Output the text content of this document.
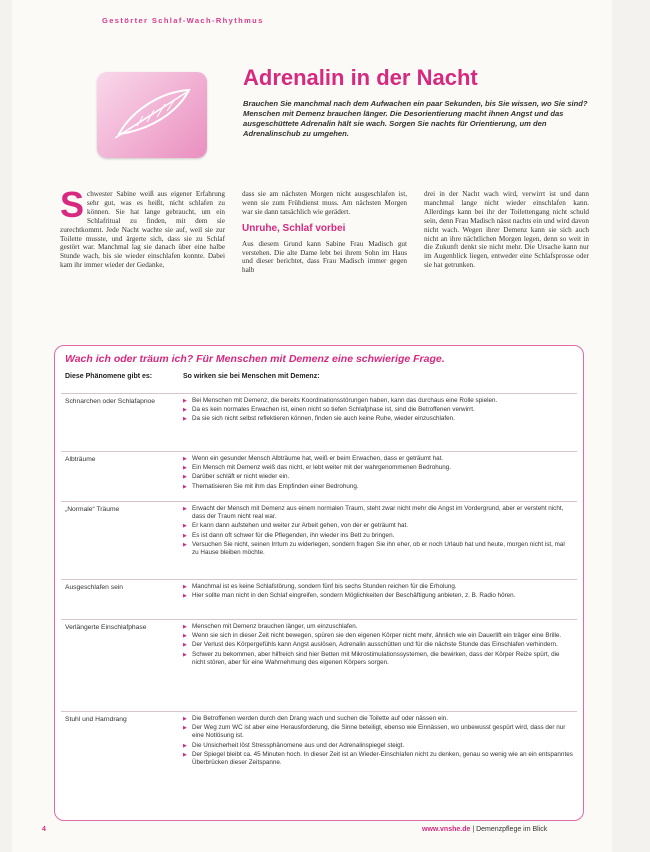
Gestörter Schlaf-Wach-Rhythmus
Adrenalin in der Nacht
Brauchen Sie manchmal nach dem Aufwachen ein paar Sekunden, bis Sie wissen, wo Sie sind? Menschen mit Demenz brauchen länger. Die Desorientierung macht ihnen Angst und das ausgeschüttete Adrenalin hält sie wach. Sorgen Sie nachts für Orientierung, um den Adrenalinschub zu umgehen.
Schwester Sabine weiß aus eigener Erfahrung sehr gut, was es heißt, nicht schlafen zu können. Sie hat lange gebraucht, um ein Schlafritual zu finden, mit dem sie zurechtkommt. Jede Nacht wachte sie auf, weil sie zur Toilette musste, und ärgerte sich, dass sie zu Schlaf gestört war. Manchmal lag sie danach über eine halbe Stunde wach, bis sie wieder einschlafen konnte. Dabei kam ihr immer wieder der Gedanke,
dass sie am nächsten Morgen nicht ausgeschlafen ist, wenn sie zum Frühdienst muss. Am nächsten Morgen war sie dann tatsächlich wie gerädert.
Unruhe, Schlaf vorbei
Aus diesem Grund kann Sabine Frau Madisch gut verstehen. Die alte Dame lebt bei ihrem Sohn im Haus und dieser berichtet, dass Frau Madisch immer gegen halb
drei in der Nacht wach wird, verwirrt ist und dann manchmal lange nicht wieder einschlafen kann. Allerdings kann bei ihr der Toilettengang nicht schuld sein, denn Frau Madisch nässt nachts ein und wird davon nicht wach. Wegen ihrer Demenz kann sie sich auch nicht an ihre nächtlichen Morgen legen, denn so weit in die Zukunft denkt sie nicht mehr. Die Ursache kann nur im Augenblick liegen, entweder eine Schlafsprosse oder sie hat getrunken.
Wach ich oder träum ich? Für Menschen mit Demenz eine schwierige Frage.
Diese Phänomene gibt es:	So wirken sie bei Menschen mit Demenz:
Schnarchen oder Schlafapnoe	▶ Bei Menschen mit Demenz, die bereits Koordinationsstörungen haben, kann das durchaus eine Rolle spielen.
▶ Da es kein normales Erwachen ist, einen nicht so tiefen Schlafphase ist, sind die Betroffenen verwirrt.
▶ Da sie sich nicht selbst reflektieren können, finden sie auch keine Ruhe, wieder einzuschlafen.
Albträume	▶ Wenn ein gesunder Mensch Albträume hat, weiß er beim Erwachen, dass er geträumt hat.
▶ Ein Mensch mit Demenz weiß das nicht, er lebt weiter mit der wahrgenommenen Bedrohung.
▶ Darüber schläft er nicht wieder ein.
▶ Thematisieren Sie mit ihm das Empfinden einer Bedrohung.
„Normale“ Träume	▶ Erwacht der Mensch mit Demenz aus einem normalen Traum, steht zwar nicht mehr die Angst im Vordergrund, aber er versteht nicht, dass der Traum nicht real war.
▶ Er kann dann aufstehen und weiter zur Arbeit gehen, von der er geträumt hat.
▶ Es ist dann oft schwer für die Pflegenden, ihn wieder ins Bett zu bringen.
▶ Versuchen Sie nicht, seinen Irrtum zu widerlegen, sondern fragen Sie ihn eher, ob er noch Urlaub hat und heute, morgen nicht ist, mal zu Hause bleiben möchte.
Ausgeschlafen sein	▶ Manchmal ist es keine Schlafstörung, sondern fünf bis sechs Stunden reichen für die Erholung.
▶ Hier sollte man nicht in den Schlaf eingreifen, sondern Möglichkeiten der Beschäftigung anbieten, z. B. Radio hören.
Verlängerte Einschlafphase	▶ Menschen mit Demenz brauchen länger, um einzuschlafen.
▶ Wenn sie sich in dieser Zeit nicht bewegen, spüren sie den eigenen Körper nicht mehr, ähnlich wie ein Dauerlift ein träger eine Brille.
▶ Der Verlust des Körpergefühls kann Angst auslösen, Adrenalin ausschütten und für die nächste Stunde das Einschlafen verhindern.
▶ Schwer zu bekommen, aber hilfreich sind hier Betten mit Mikrostimulationssystemen, die bewirken, dass der Körper Reize spürt, die nicht stören, aber für eine Wahrnehmung des eigenen Körpers sorgen.
Stuhl und Harndrang	▶ Die Betroffenen werden durch den Drang wach und suchen die Toilette auf oder nässen ein.
▶ Der Weg zum WC ist aber eine Herausforderung, die Sinne beteiligt, ebenso wie Einnässen, wo unbewusst gespürt wird, dass der nur eine Notlösung ist.
▶ Die Unsicherheit löst Stressphänomene aus und der Adrenalinspiegel steigt.
▶ Der Spiegel bleibt ca. 45 Minuten hoch. In dieser Zeit ist an Wieder-Einschlafen nicht zu denken, genau so wenig wie an ein entspanntes Überbrücken dieser Zeitspanne.
4	www.vnshe.de | Demenzpflege im Blick
